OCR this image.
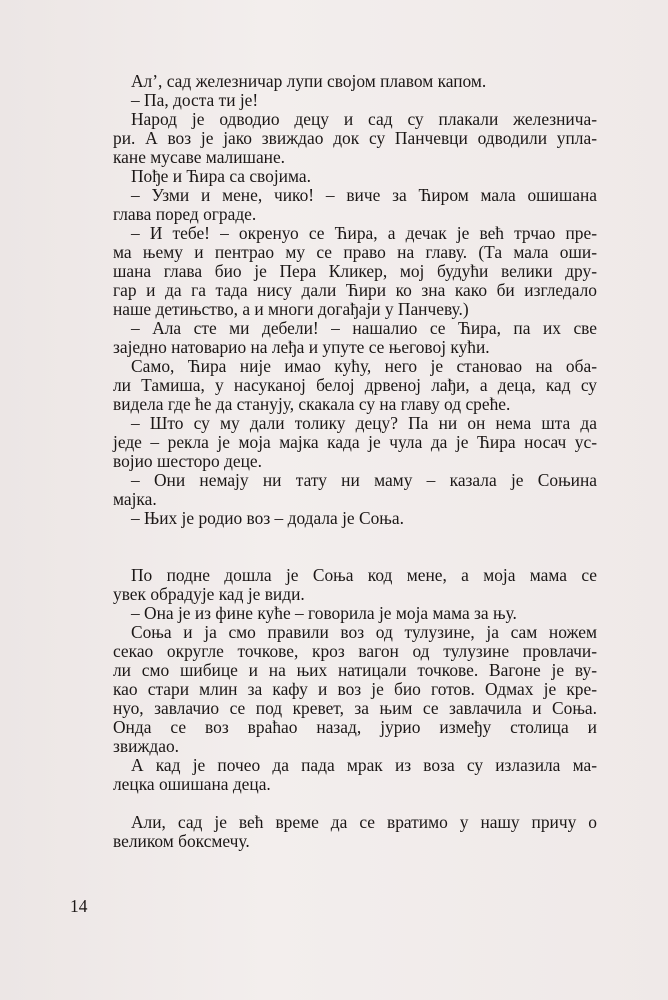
Ал’, сад железничар лупи својом плавом капом.
– Па, доста ти је!
Народ је одводио децу и сад су плакали железнича-
ри. А воз је јако звиждао док су Панчевци одводили упла-
кане мусаве малишане.
Пође и Ћира са својима.
– Узми и мене, чико! – виче за Ћиром мала ошишана
глава поред ограде.
– И тебе! – окренуо се Ћира, а дечак је већ трчао пре-
ма њему и пентрао му се право на главу. (Та мала оши-
шана глава био је Пера Кликер, мој будући велики дру-
гар и да га тада нису дали Ћири ко зна како би изгледало
наше детињство, а и многи догађаји у Панчеву.)
– Ала сте ми дебели! – нашалио се Ћира, па их све
заједно натоварио на леђа и упуте се његовој кући.
Само, Ћира није имао кућу, него је становао на оба-
ли Тамиша, у насуканој белој дрвеној лађи, а деца, кад су
видела где ће да станују, скакала су на главу од среће.
– Што су му дали толику децу? Па ни он нема шта да
једе – рекла је моја мајка када је чула да је Ћира носач ус-
војио шесторо деце.
– Они немају ни тату ни маму – казала је Соњина
мајка.
– Њих је родио воз – додала је Соња.
По подне дошла је Соња код мене, а моја мама се
увек обрадује кад је види.
– Она је из фине куће – говорила је моја мама за њу.
Соња и ја смо правили воз од тулузине, ја сам ножем
секао округле точкове, кроз вагон од тулузине провлачи-
ли смо шибице и на њих натицали точкове. Вагоне је ву-
као стари млин за кафу и воз је био готов. Одмах је кре-
нуо, завлачио се под кревет, за њим се завлачила и Соња.
Онда се воз враћао назад, јурио између столица и
звиждао.
А кад је почео да пада мрак из воза су излазила ма-
лецка ошишана деца.
Али, сад је већ време да се вратимо у нашу причу о
великом боксмечу.
14
